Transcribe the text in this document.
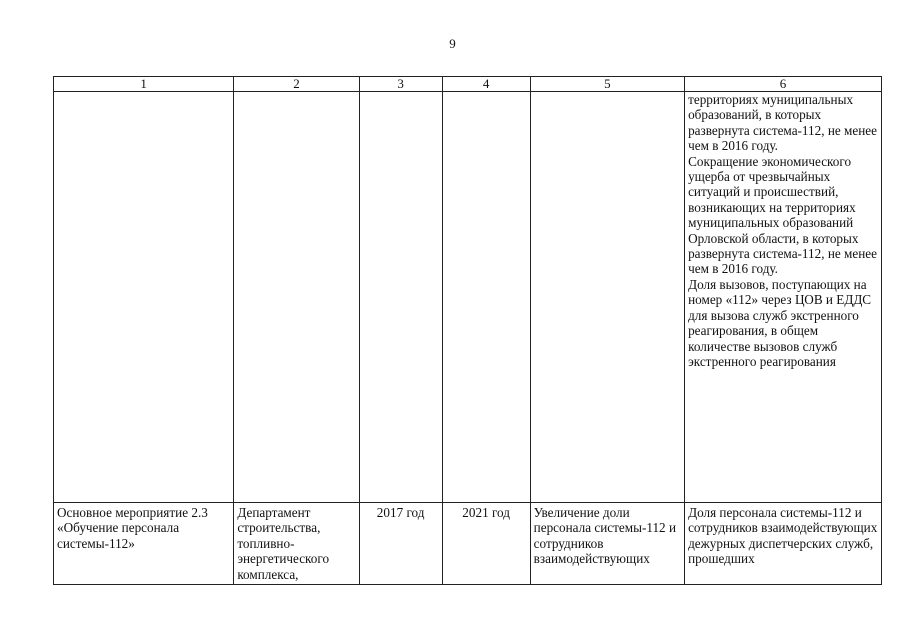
9
1	2	3	4	5	6

					территориях муниципальных образований, в которых развернута система-112, не менее чем в 2016 году.
Сокращение экономического ущерба от чрезвычайных ситуаций и происшествий, возникающих на территориях муниципальных образований Орловской области, в которых развернута система-112, не менее чем в 2016 году.
Доля вызовов, поступающих на номер «112» через ЦОВ и ЕДДС для вызова служб экстренного реагирования, в общем количестве вызовов служб экстренного реагирования

Основное мероприятие 2.3 «Обучение персонала системы-112»	Департамент строительства, топливно-энергетического комплекса,	2017 год	2021 год	Увеличение доли персонала системы-112 и сотрудников взаимодействующих	Доля персонала системы-112 и сотрудников взаимодействующих дежурных диспетчерских служб, прошедших
